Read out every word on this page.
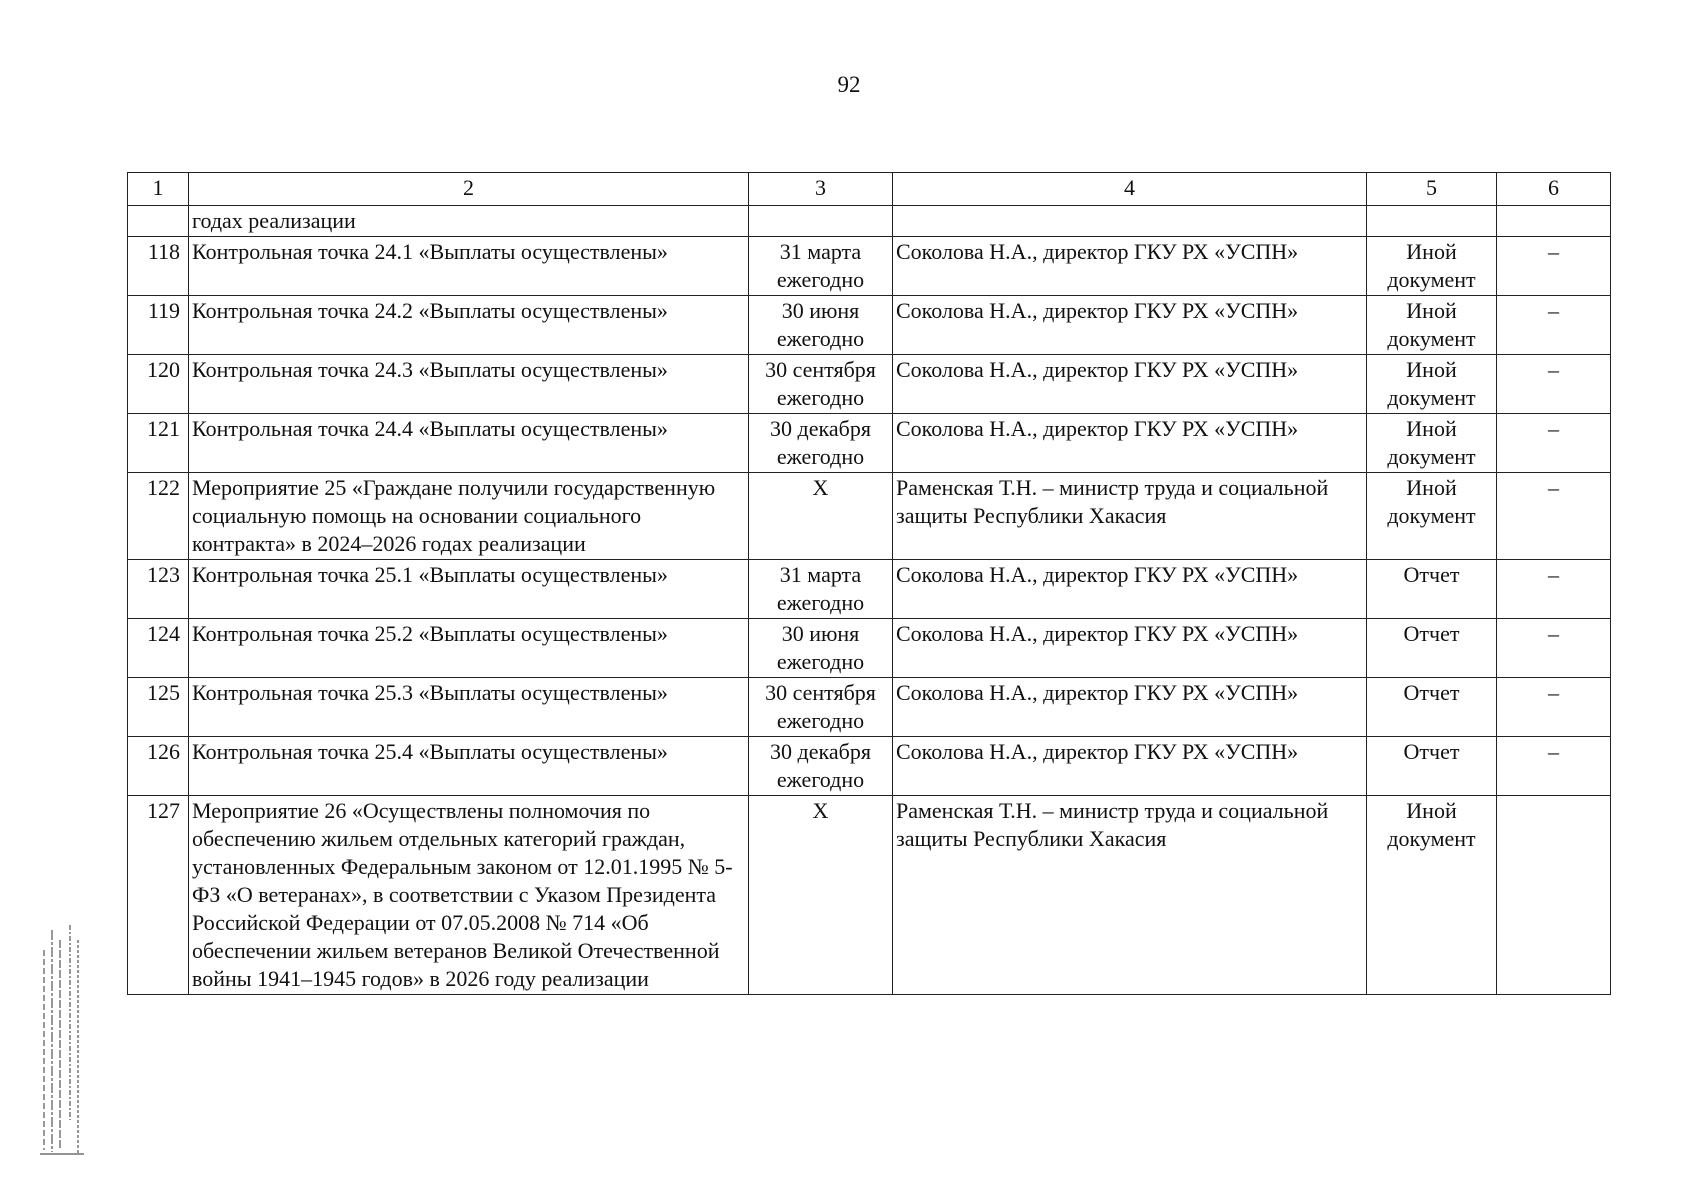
92
1	2	3	4	5	6
	годах реализации				
118	Контрольная точка 24.1 «Выплаты осуществлены»	31 марта ежегодно	Соколова Н.А., директор ГКУ РХ «УСПН»	Иной документ	–
119	Контрольная точка 24.2 «Выплаты осуществлены»	30 июня ежегодно	Соколова Н.А., директор ГКУ РХ «УСПН»	Иной документ	–
120	Контрольная точка 24.3 «Выплаты осуществлены»	30 сентября ежегодно	Соколова Н.А., директор ГКУ РХ «УСПН»	Иной документ	–
121	Контрольная точка 24.4 «Выплаты осуществлены»	30 декабря ежегодно	Соколова Н.А., директор ГКУ РХ «УСПН»	Иной документ	–
122	Мероприятие 25 «Граждане получили государственную социальную помощь на основании социального контракта» в 2024–2026 годах реализации	Х	Раменская Т.Н. – министр труда и социальной защиты Республики Хакасия	Иной документ	–
123	Контрольная точка 25.1 «Выплаты осуществлены»	31 марта ежегодно	Соколова Н.А., директор ГКУ РХ «УСПН»	Отчет	–
124	Контрольная точка 25.2 «Выплаты осуществлены»	30 июня ежегодно	Соколова Н.А., директор ГКУ РХ «УСПН»	Отчет	–
125	Контрольная точка 25.3 «Выплаты осуществлены»	30 сентября ежегодно	Соколова Н.А., директор ГКУ РХ «УСПН»	Отчет	–
126	Контрольная точка 25.4 «Выплаты осуществлены»	30 декабря ежегодно	Соколова Н.А., директор ГКУ РХ «УСПН»	Отчет	–
127	Мероприятие 26 «Осуществлены полномочия по обеспечению жильем отдельных категорий граждан, установленных Федеральным законом от 12.01.1995 № 5-ФЗ «О ветеранах», в соответствии с Указом Президента Российской Федерации от 07.05.2008 № 714 «Об обеспечении жильем ветеранов Великой Отечественной войны 1941–1945 годов» в 2026 году реализации	Х	Раменская Т.Н. – министр труда и социальной защиты Республики Хакасия	Иной документ	
